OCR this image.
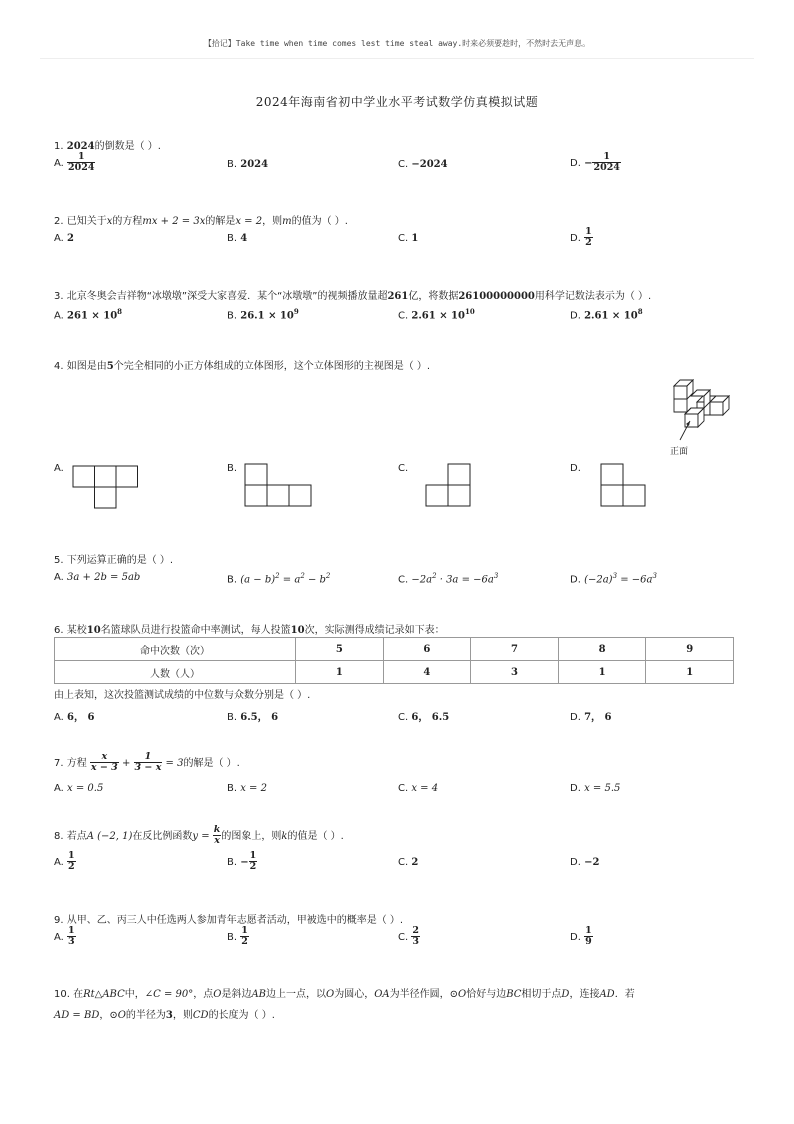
【拾记】Take time when time comes lest time steal away.时来必须要趁时，不然时去无声息。
2024年海南省初中学业水平考试数学仿真模拟试题
1. 2024的倒数是（ ）.
A. $\frac{1}{2024}$	B. 2024	C. −2024	D. − $\frac{1}{2024}$
2. 已知关于x的方程mx + 2 = 3x的解是x = 2，则m的值为（ ）.
A. 2	B. 4	C. 1	D. $\frac{1}{2}$
3. 北京冬奥会吉祥物“冰墩墩”深受大家喜爱．某个“冰墩墩”的视频播放量超261亿，将数据26100000000用科学记数法表示为（ ）.
A. $261 \times 10^8$	B. $26.1 \times 10^9$	C. $2.61 \times 10^{10}$	D. $2.61 \times 10^8$
4. 如图是由5个完全相同的小正方体组成的立体图形，这个立体图形的主视图是（ ）.
正面
A.	B.	C.	D.
5. 下列运算正确的是（ ）.
A. 3a + 2b = 5ab	B. $(a - b)^2 = a^2 - b^2$	C. $-2a^2 \cdot 3a = -6a^3$	D. $(-2a)^3 = -6a^3$
6. 某校10名篮球队员进行投篮命中率测试，每人投篮10次，实际测得成绩记录如下表：
命中次数（次）	5	6	7	8	9
人数（人）	1	4	3	1	1
由上表知，这次投篮测试成绩的中位数与众数分别是（ ）.
A. 6， 6	B. 6.5， 6	C. 6， 6.5	D. 7， 6
7. 方程 $\frac{x}{x - 3} + \frac{1}{3 - x} = 3$的解是（ ）.
A. x = 0.5	B. x = 2	C. x = 4	D. x = 5.5
8. 若点A (−2, 1)在反比例函数$y = \frac{k}{x}$ 的图象上，则k的值是（ ）.
A. $\frac{1}{2}$	B. − $\frac{1}{2}$	C. 2	D. −2
9. 从甲、乙、丙三人中任选两人参加青年志愿者活动，甲被选中的概率是（ ）.
A. $\frac{1}{3}$	B. $\frac{1}{2}$	C. $\frac{2}{3}$	D. $\frac{1}{9}$
10. 在Rt△ABC中，∠C = 90°，点O是斜边AB边上一点，以O为圆心，OA为半径作圆，⊙O恰好与边BC相切于点D，连接AD．若
AD = BD，⊙O的半径为3，则CD的长度为（ ）.
